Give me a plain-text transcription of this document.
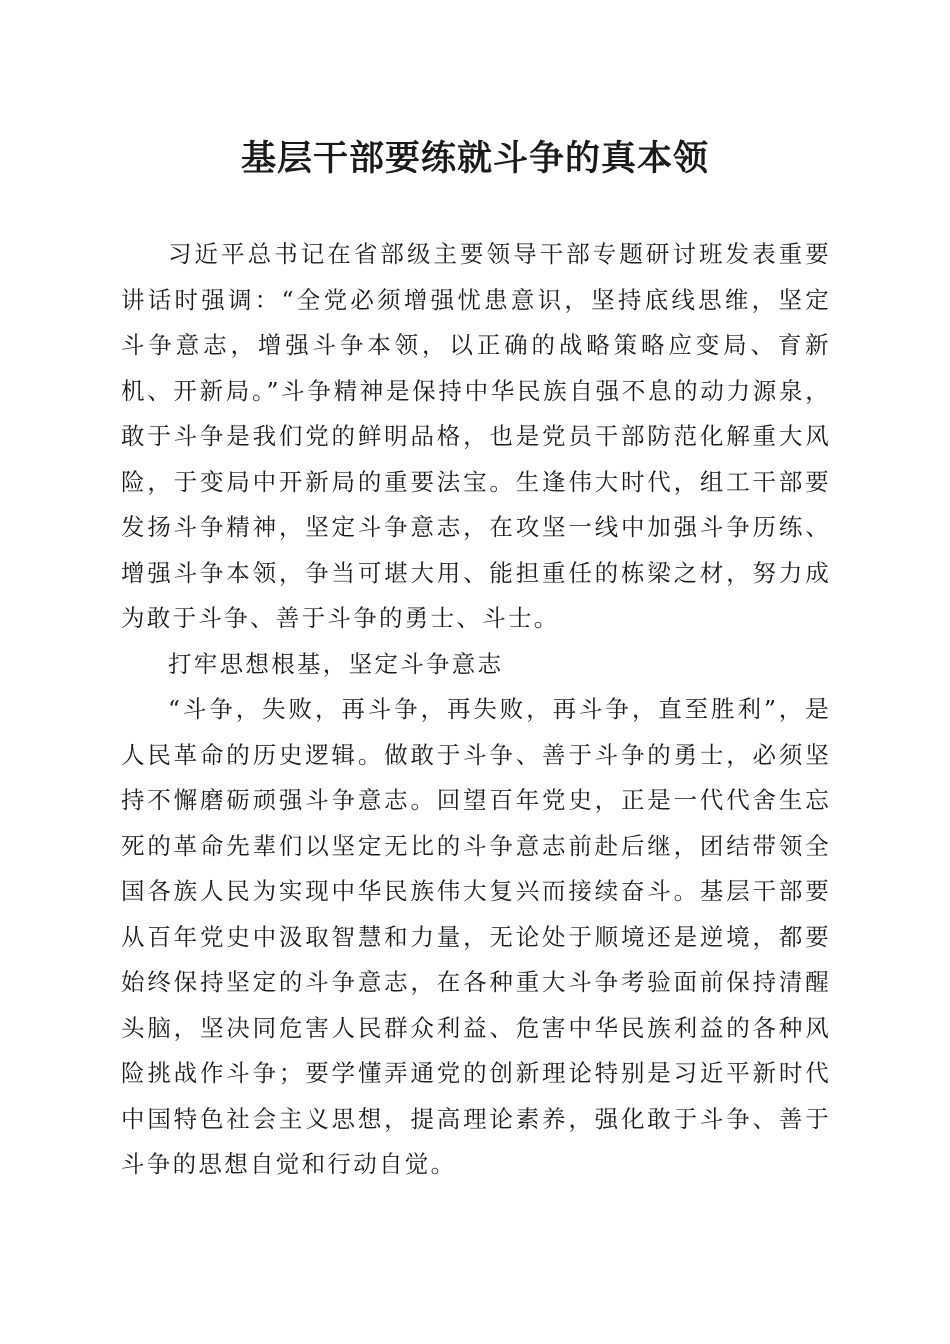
基层干部要练就斗争的真本领

习近平总书记在省部级主要领导干部专题研讨班发表重要讲话时强调：“全党必须增强忧患意识，坚持底线思维，坚定斗争意志，增强斗争本领，以正确的战略策略应变局、育新机、开新局。”斗争精神是保持中华民族自强不息的动力源泉，敢于斗争是我们党的鲜明品格，也是党员干部防范化解重大风险，于变局中开新局的重要法宝。生逢伟大时代，组工干部要发扬斗争精神，坚定斗争意志，在攻坚一线中加强斗争历练、增强斗争本领，争当可堪大用、能担重任的栋梁之材，努力成为敢于斗争、善于斗争的勇士、斗士。

打牢思想根基，坚定斗争意志

“斗争，失败，再斗争，再失败，再斗争，直至胜利”，是人民革命的历史逻辑。做敢于斗争、善于斗争的勇士，必须坚持不懈磨砺顽强斗争意志。回望百年党史，正是一代代舍生忘死的革命先辈们以坚定无比的斗争意志前赴后继，团结带领全国各族人民为实现中华民族伟大复兴而接续奋斗。基层干部要从百年党史中汲取智慧和力量，无论处于顺境还是逆境，都要始终保持坚定的斗争意志，在各种重大斗争考验面前保持清醒头脑，坚决同危害人民群众利益、危害中华民族利益的各种风险挑战作斗争；要学懂弄通党的创新理论特别是习近平新时代中国特色社会主义思想，提高理论素养，强化敢于斗争、善于斗争的思想自觉和行动自觉。
